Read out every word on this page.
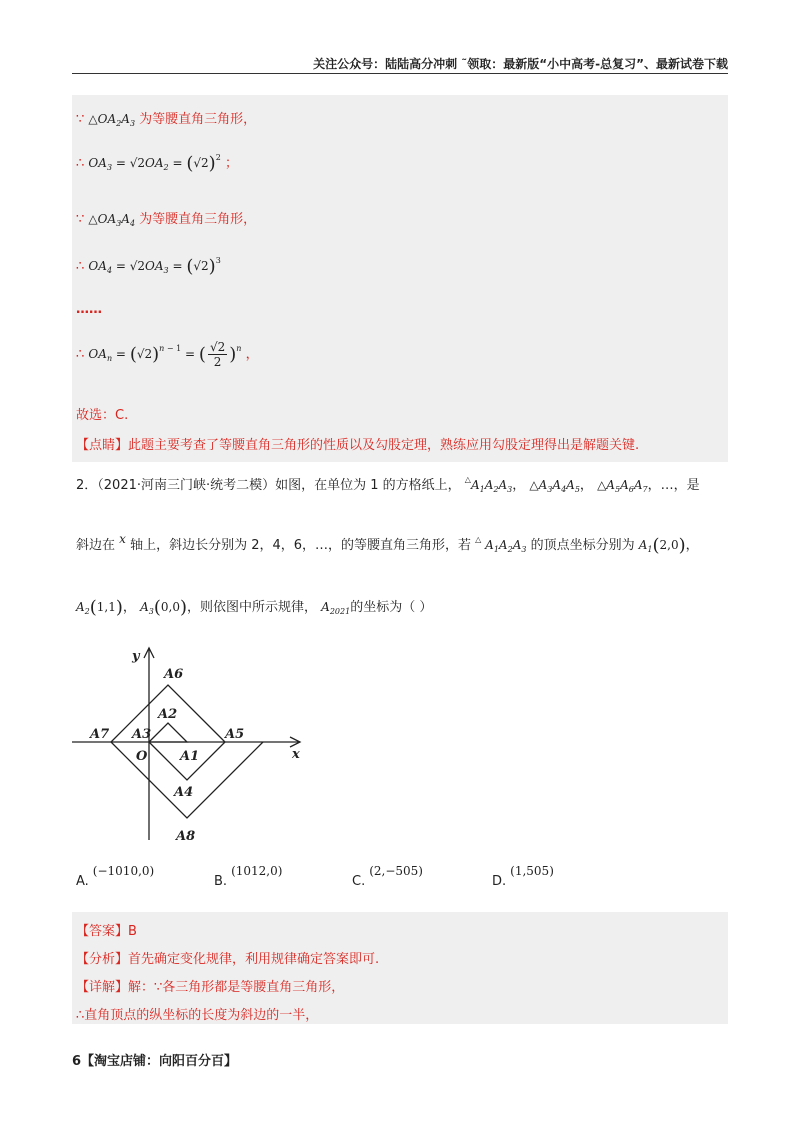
关注公众号：陆陆高分冲刺 ˜领取：最新版“小中高考-总复习”、最新试卷下载
∵ $\triangle OA_2A_3$ 为等腰直角三角形，
∴ $OA_3 = √2OA_2 = (√2)^2$ ；
∵ $\triangle OA_3A_4$ 为等腰直角三角形，
∴ $OA_4 = √2OA_3 = (√2)^3$
……
∴ $OA_n = (√2)^{n - 1}$ = ( $\frac{√2}{2} )^n$ ，
故选：C.
【点睛】此题主要考查了等腰直角三角形的性质以及勾股定理，熟练应用勾股定理得出是解题关键.
2．（2021·河南三门峡·统考二模）如图，在单位为 1 的方格纸上， $^\triangle A_1A_2A_3$， $\triangle A_3A_4A_5$， $\triangle A_5A_6A_7$，…，是
斜边在 x 轴上，斜边长分别为 2，4，6，…，的等腰直角三角形，若 △ $A_1A_2A_3$ 的顶点坐标分别为 $A_1(2,0)$，
$A_2(1,1)$， $A_3(0,0)$，则依图中所示规律， $A_{2021}$的坐标为（ ）
y
x
O	A1
A2
A3
A4
A5
A6
A7
A8
A.(−1010,0)
B.(1012,0)
C.(2,−505)
D.(1,505)
【答案】B
【分析】首先确定变化规律，利用规律确定答案即可.
【详解】解：∵各三角形都是等腰直角三角形，
∴直角顶点的纵坐标的长度为斜边的一半，
6【淘宝店铺：向阳百分百】
